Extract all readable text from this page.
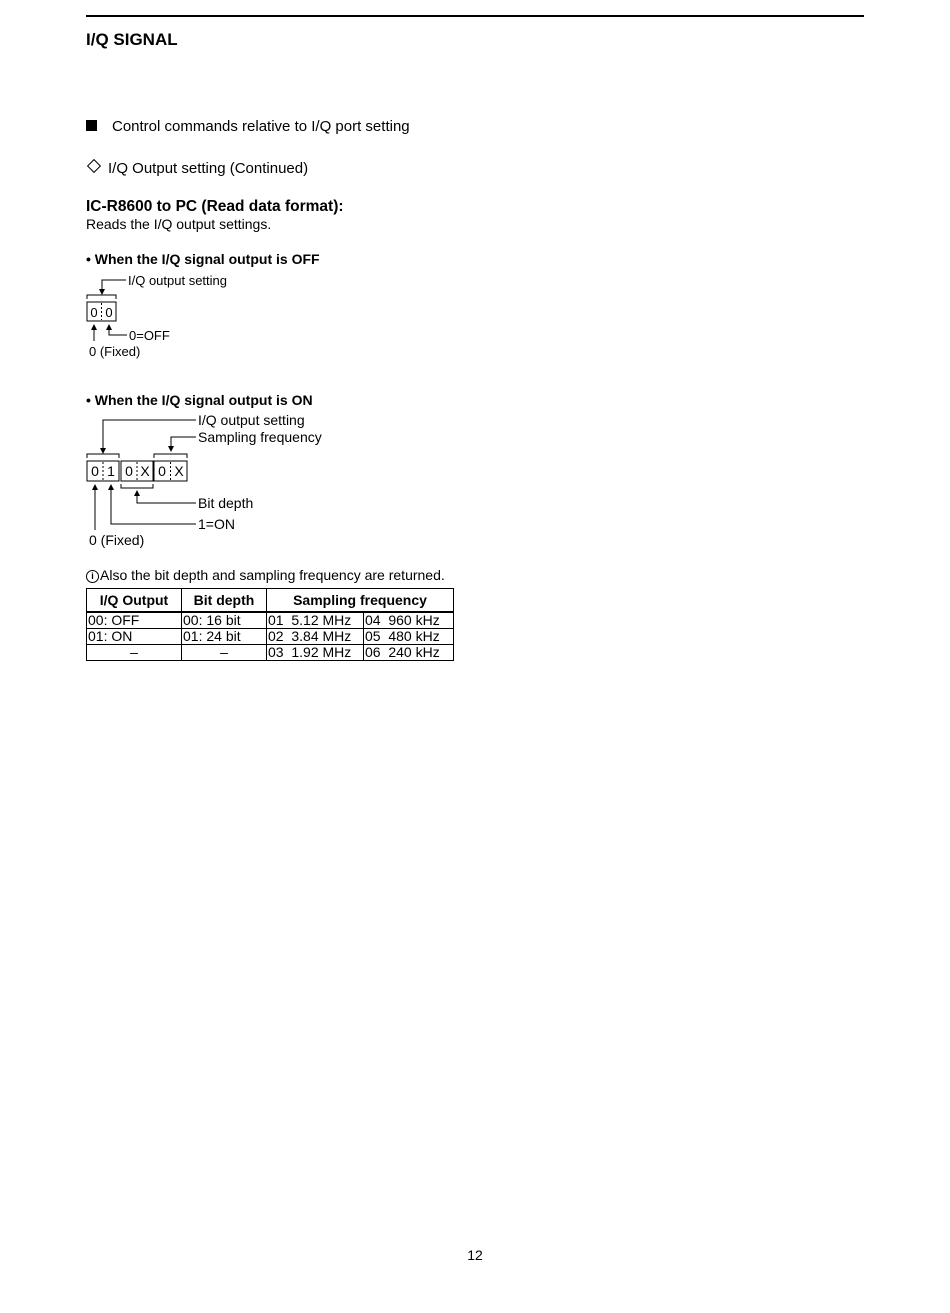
I/Q SIGNAL
Control commands relative to I/Q port setting
I/Q Output setting (Continued)
IC-R8600 to PC (Read data format):
Reads the I/Q output settings.
• When the I/Q signal output is OFF
I/Q output setting
0=OFF
0 (Fixed)
0 0
• When the I/Q signal output is ON
I/Q output setting
Sampling frequency
Bit depth
1=ON
0 (Fixed)
0 1 0 X 0 X
i Also the bit depth and sampling frequency are returned.
I/Q Output	Bit depth	Sampling frequency	
00: OFF	00: 16 bit	01  5.12 MHz	04  960 kHz
01: ON	01: 24 bit	02  3.84 MHz	05  480 kHz
–	–	03  1.92 MHz	06  240 kHz
12
